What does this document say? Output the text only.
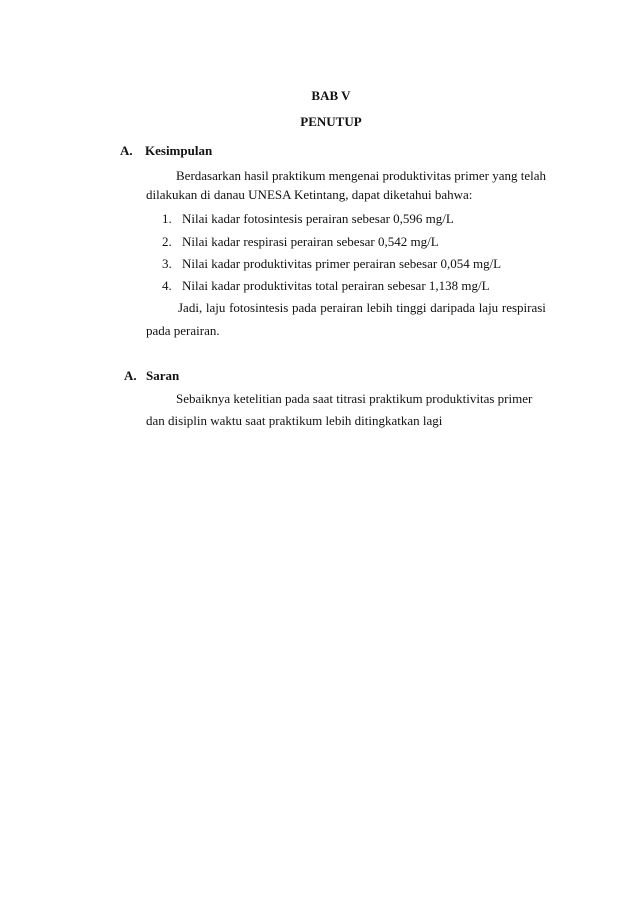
BAB V
PENUTUP
A. Kesimpulan
Berdasarkan hasil praktikum mengenai produktivitas primer yang telah
dilakukan di danau UNESA Ketintang, dapat diketahui bahwa:
1. Nilai kadar fotosintesis perairan sebesar 0,596 mg/L
2. Nilai kadar respirasi perairan sebesar 0,542 mg/L
3. Nilai kadar produktivitas primer perairan sebesar 0,054 mg/L
4. Nilai kadar produktivitas total perairan sebesar 1,138 mg/L
Jadi, laju fotosintesis pada perairan lebih tinggi daripada laju respirasi
pada perairan.
A. Saran
Sebaiknya ketelitian pada saat titrasi praktikum produktivitas primer
dan disiplin waktu saat praktikum lebih ditingkatkan lagi
